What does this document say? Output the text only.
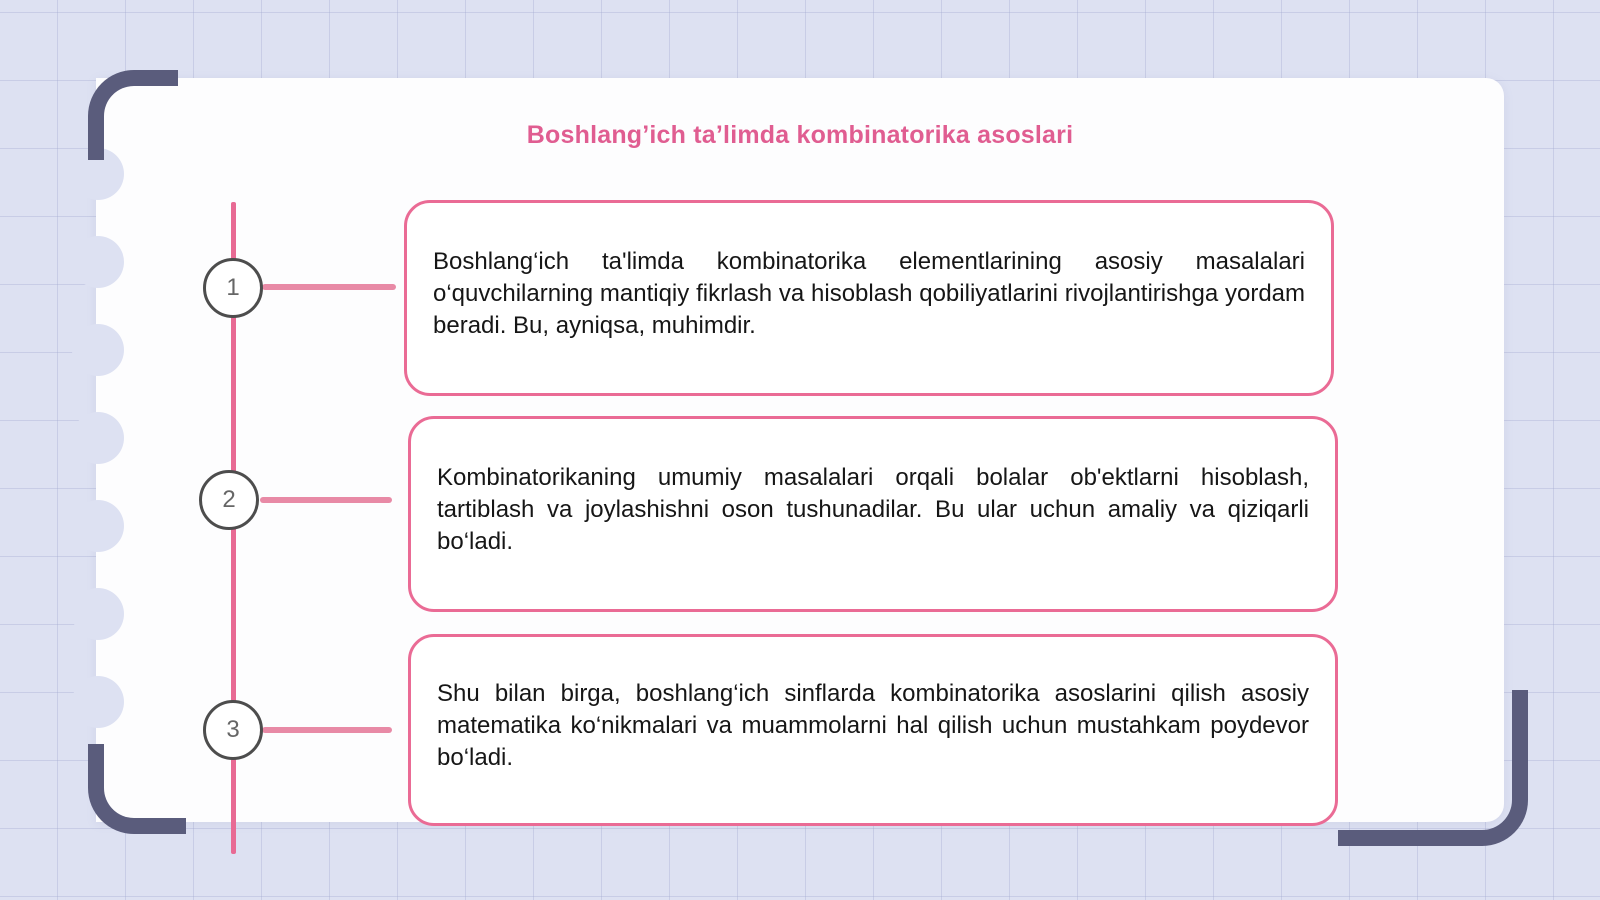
Boshlang’ich ta’limda kombinatorika asoslari
1

Boshlang‘ich ta'limda kombinatorika elementlarining asosiy masalalari o‘quvchilarning mantiqiy fikrlash va hisoblash qobiliyatlarini rivojlantirishga yordam beradi. Bu, ayniqsa, muhimdir.

2

Kombinatorikaning umumiy masalalari orqali bolalar ob'ektlarni hisoblash, tartiblash va joylashishni oson tushunadilar. Bu ular uchun amaliy va qiziqarli bo‘ladi.

3

Shu bilan birga, boshlang‘ich sinflarda kombinatorika asoslarini qilish asosiy matematika ko‘nikmalari va muammolarni hal qilish uchun mustahkam poydevor bo‘ladi.
